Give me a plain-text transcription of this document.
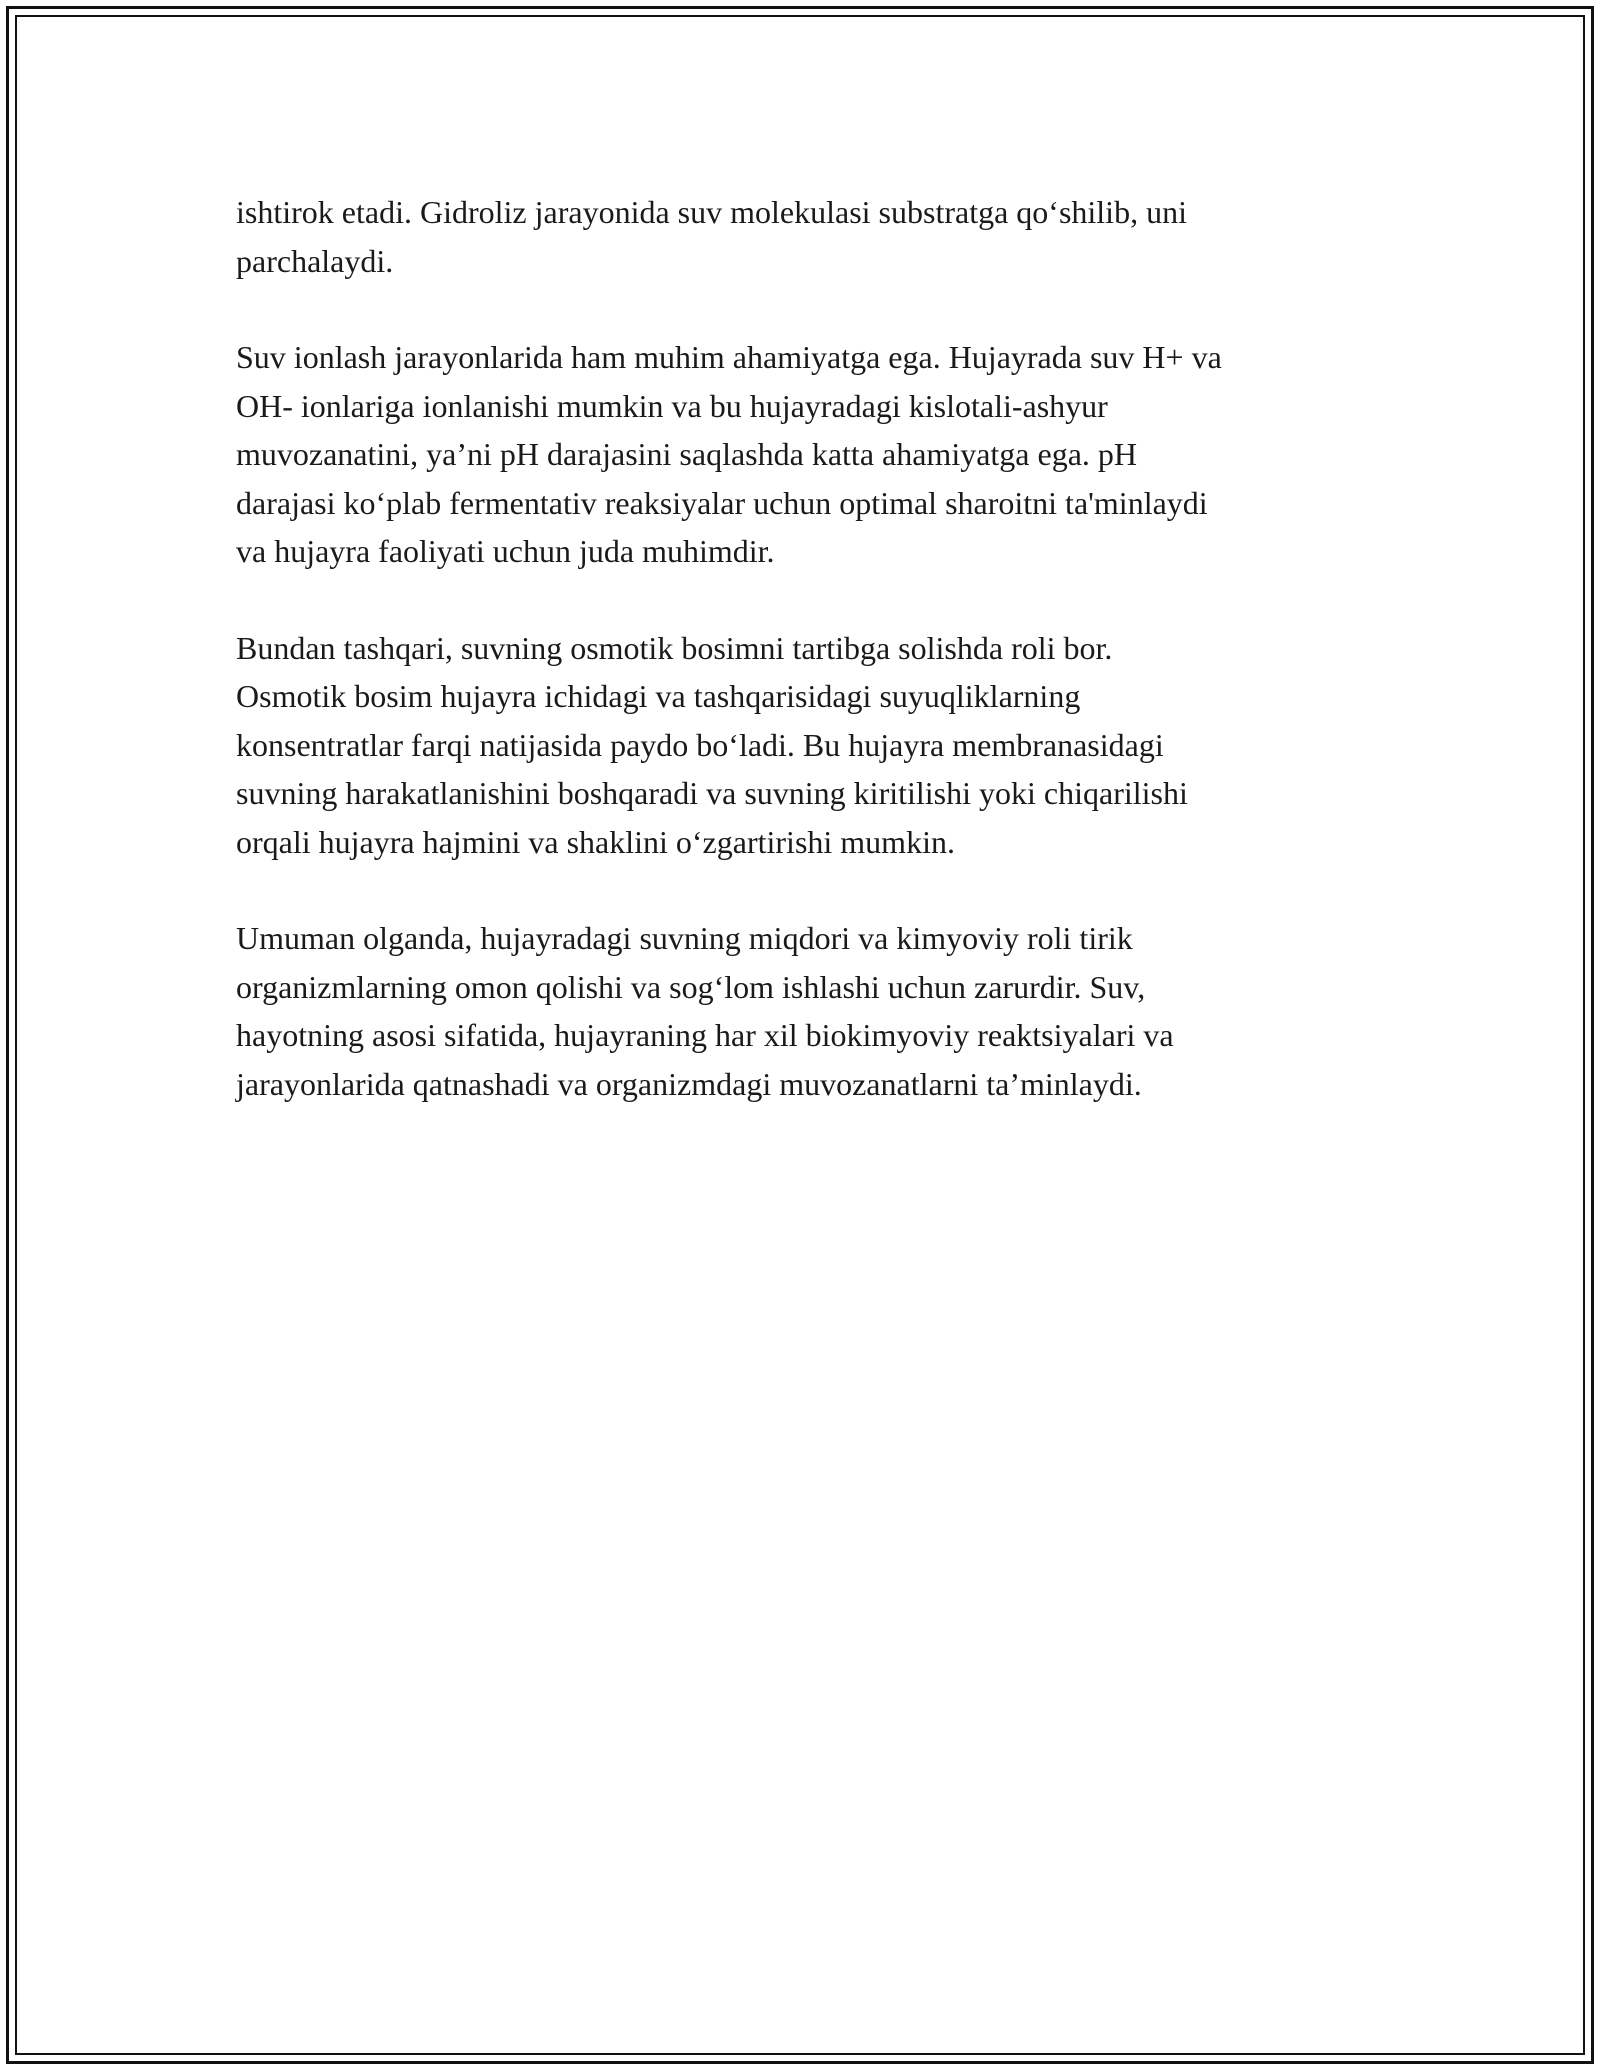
ishtirok etadi. Gidroliz jarayonida suv molekulasi substratga qo‘shilib, uni
parchalaydi.

Suv ionlash jarayonlarida ham muhim ahamiyatga ega. Hujayrada suv H+ va
OH- ionlariga ionlanishi mumkin va bu hujayradagi kislotali-ashyur
muvozanatini, ya’ni pH darajasini saqlashda katta ahamiyatga ega. pH
darajasi ko‘plab fermentativ reaksiyalar uchun optimal sharoitni ta'minlaydi
va hujayra faoliyati uchun juda muhimdir.

Bundan tashqari, suvning osmotik bosimni tartibga solishda roli bor.
Osmotik bosim hujayra ichidagi va tashqarisidagi suyuqliklarning
konsentratlar farqi natijasida paydo bo‘ladi. Bu hujayra membranasidagi
suvning harakatlanishini boshqaradi va suvning kiritilishi yoki chiqarilishi
orqali hujayra hajmini va shaklini o‘zgartirishi mumkin.

Umuman olganda, hujayradagi suvning miqdori va kimyoviy roli tirik
organizmlarning omon qolishi va sog‘lom ishlashi uchun zarurdir. Suv,
hayotning asosi sifatida, hujayraning har xil biokimyoviy reaktsiyalari va
jarayonlarida qatnashadi va organizmdagi muvozanatlarni ta’minlaydi.
